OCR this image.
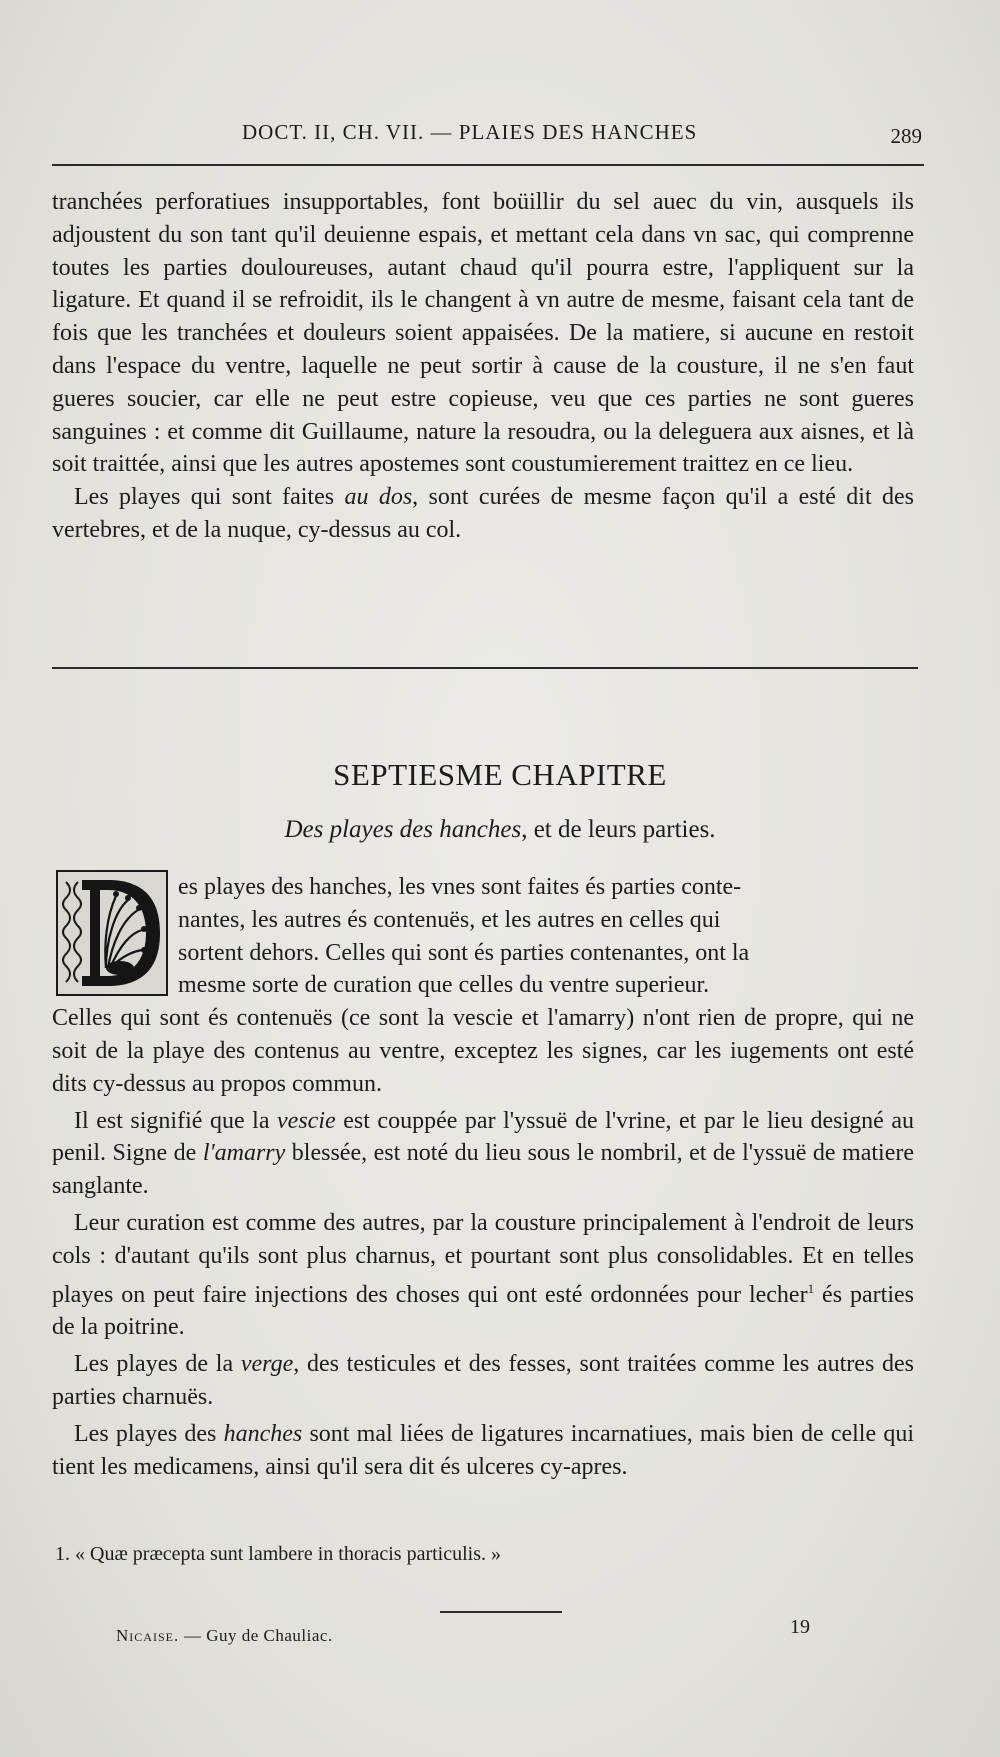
DOCT. II, CH. VII. — PLAIES DES HANCHES	289

tranchées perforatiues insupportables, font boüillir du sel auec du vin, ausquels ils adjoustent du son tant qu'il deuienne espais, et mettant cela dans vn sac, qui comprenne toutes les parties douloureuses, autant chaud qu'il pourra estre, l'appliquent sur la ligature. Et quand il se refroidit, ils le changent à vn autre de mesme, faisant cela tant de fois que les tranchées et douleurs soient appaisées. De la matiere, si aucune en restoit dans l'espace du ventre, laquelle ne peut sortir à cause de la cousture, il ne s'en faut gueres soucier, car elle ne peut estre copieuse, veu que ces parties ne sont gueres sanguines : et comme dit Guillaume, nature la resoudra, ou la deleguera aux aisnes, et là soit traittée, ainsi que les autres apostemes sont coustumierement traittez en ce lieu.

Les playes qui sont faites au dos, sont curées de mesme façon qu'il a esté dit des vertebres, et de la nuque, cy-dessus au col.

SEPTIESME CHAPITRE
Des playes des hanches, et de leurs parties.

es playes des hanches, les vnes sont faites és parties conte-
nantes, les autres és contenuës, et les autres en celles qui
sortent dehors. Celles qui sont és parties contenantes, ont la
mesme sorte de curation que celles du ventre superieur.
Celles qui sont és contenuës (ce sont la vescie et l'amarry) n'ont rien de propre, qui ne soit de la playe des contenus au ventre, exceptez les signes, car les iugements ont esté dits cy-dessus au propos commun.

Il est signifié que la vescie est couppée par l'yssuë de l'vrine, et par le lieu designé au penil. Signe de l'amarry blessée, est noté du lieu sous le nombril, et de l'yssuë de matiere sanglante.

Leur curation est comme des autres, par la cousture principalement à l'endroit de leurs cols : d'autant qu'ils sont plus charnus, et pourtant sont plus consolidables. Et en telles playes on peut faire injections des choses qui ont esté ordonnées pour lecher$^1$ és parties de la poitrine.

Les playes de la verge, des testicules et des fesses, sont traitées comme les autres des parties charnuës.

Les playes des hanches sont mal liées de ligatures incarnatiues, mais bien de celle qui tient les medicamens, ainsi qu'il sera dit és ulceres cy-apres.

1. « Quæ præcepta sunt lambere in thoracis particulis. »
Nicaise. — Guy de Chauliac.	19
